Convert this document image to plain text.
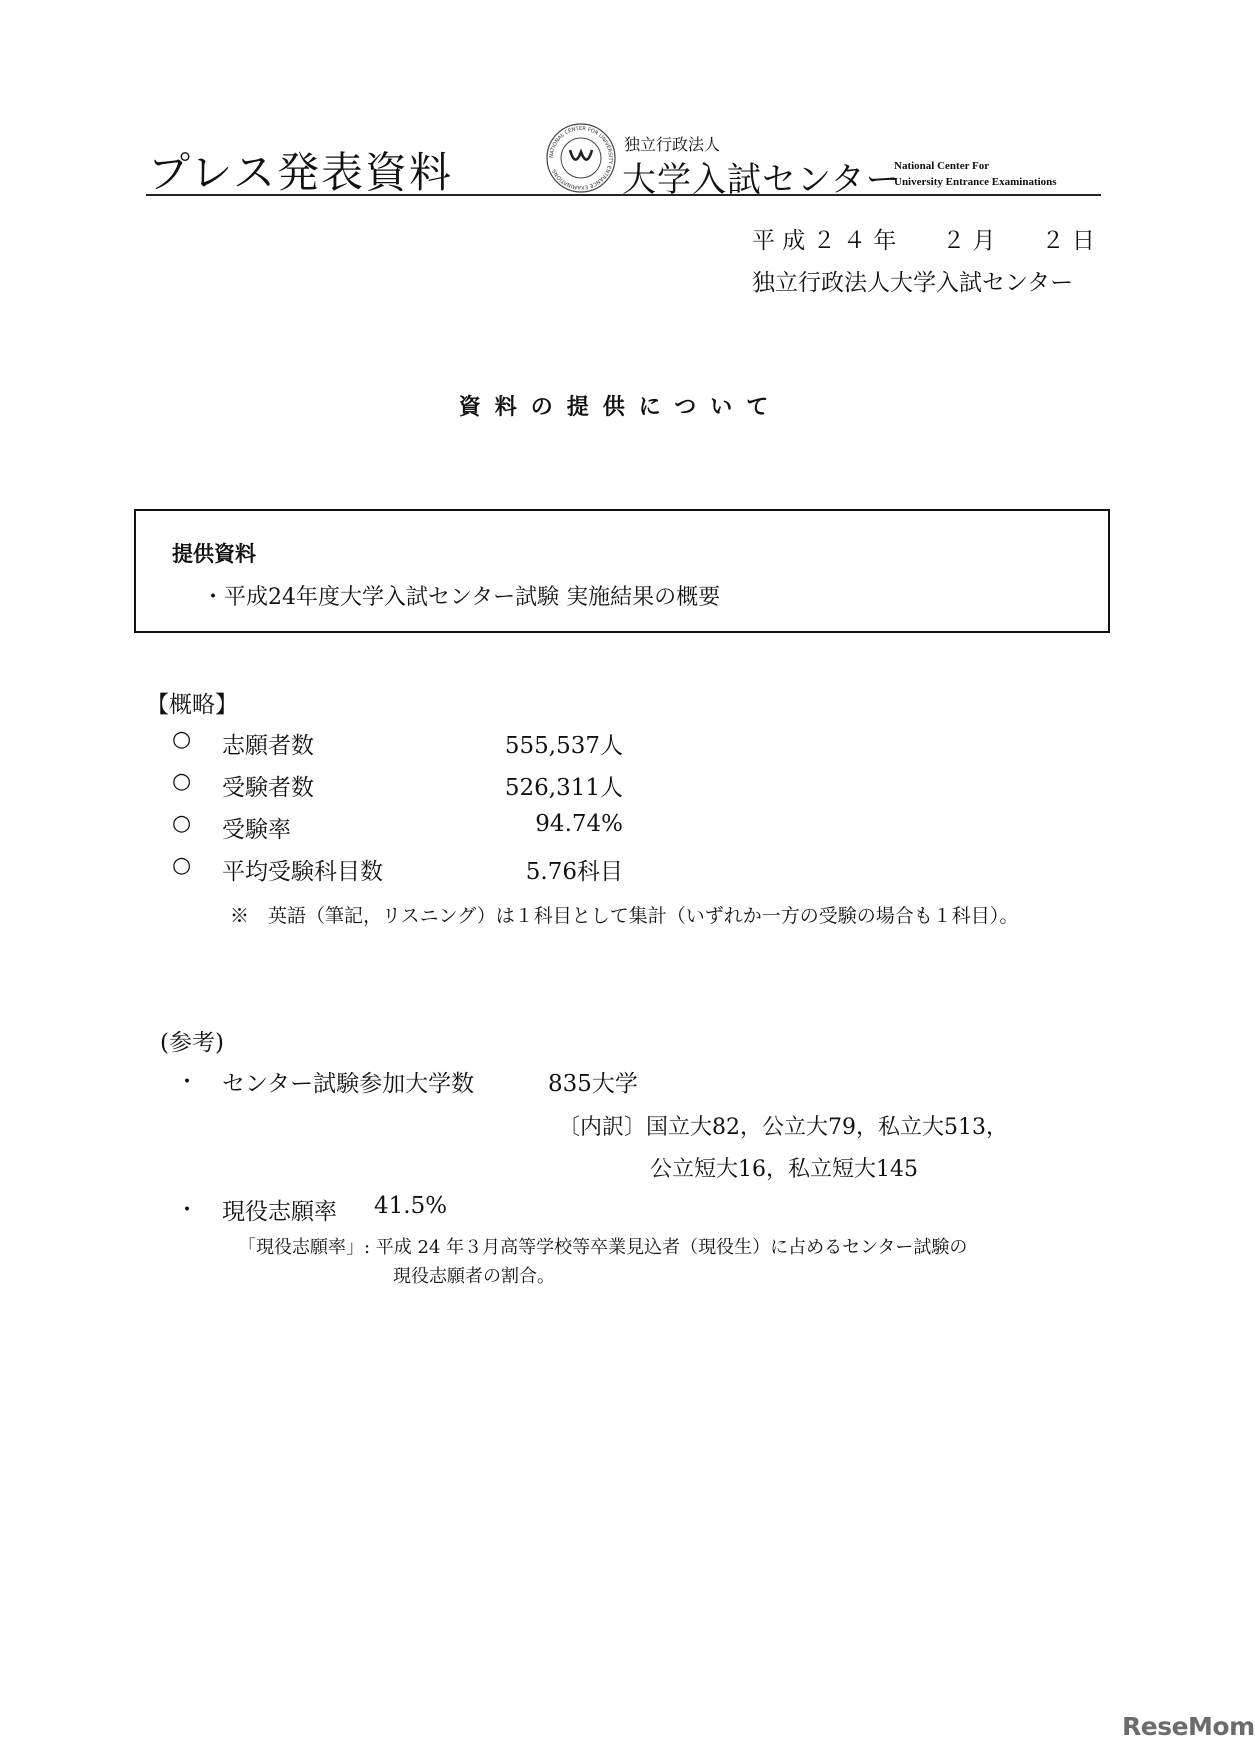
プレス発表資料	NATIONAL CENTER FOR UNIVERSITY ENTRANCE EXAMINATIONS
独立行政法人
大学入試センター
National Center For
University Entrance Examinations
平 成 ２ ４ 年　　２ 月　　２ 日
独立行政法人大学入試センター
資料の提供について
提供資料
・平成24年度大学入試センター試験 実施結果の概要
【概略】
○ 志願者数	555,537人
○ 受験者数	526,311人
○ 受験率	94.74%
○ 平均受験科目数	5.76科目
※　英語（筆記，リスニング）は１科目として集計（いずれか一方の受験の場合も１科目）。
(参考)
・ センター試験参加大学数	835大学
〔内訳〕国立大82，公立大79，私立大513，
公立短大16，私立短大145
・ 現役志願率 41.5%
「現役志願率」: 平成 24 年３月高等学校等卒業見込者（現役生）に占めるセンター試験の
現役志願者の割合。
ReseMom
